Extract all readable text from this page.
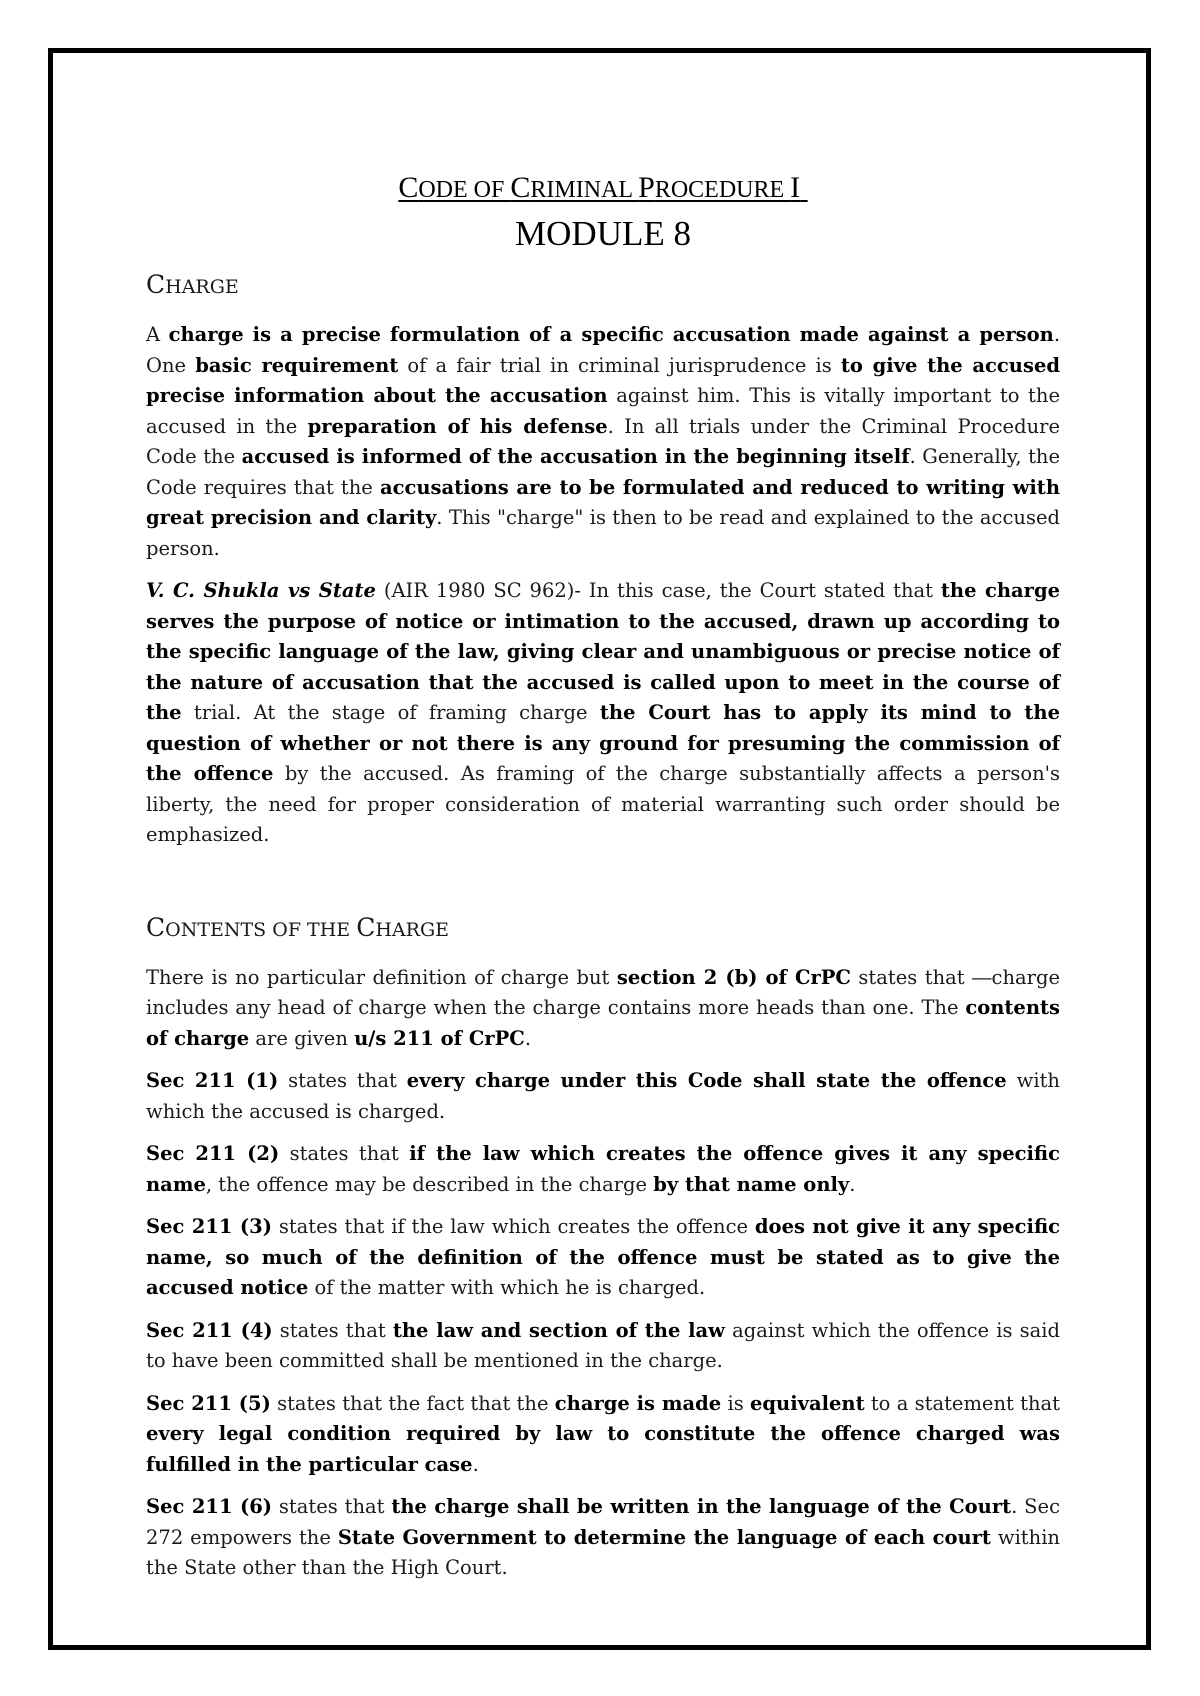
CODE OF CRIMINAL PROCEDURE I
MODULE 8
CHARGE

A charge is a precise formulation of a specific accusation made against a person. One basic requirement of a fair trial in criminal jurisprudence is to give the accused precise information about the accusation against him. This is vitally important to the accused in the preparation of his defense. In all trials under the Criminal Procedure Code the accused is informed of the accusation in the beginning itself. Generally, the Code requires that the accusations are to be formulated and reduced to writing with great precision and clarity. This "charge" is then to be read and explained to the accused person.

V. C. Shukla vs State (AIR 1980 SC 962)- In this case, the Court stated that the charge serves the purpose of notice or intimation to the accused, drawn up according to the specific language of the law, giving clear and unambiguous or precise notice of the nature of accusation that the accused is called upon to meet in the course of the trial. At the stage of framing charge the Court has to apply its mind to the question of whether or not there is any ground for presuming the commission of the offence by the accused. As framing of the charge substantially affects a person's liberty, the need for proper consideration of material warranting such order should be emphasized.

CONTENTS OF THE CHARGE

There is no particular definition of charge but section 2 (b) of CrPC states that ―charge includes any head of charge when the charge contains more heads than one. The contents of charge are given u/s 211 of CrPC.

Sec 211 (1) states that every charge under this Code shall state the offence with which the accused is charged.

Sec 211 (2) states that if the law which creates the offence gives it any specific name, the offence may be described in the charge by that name only.

Sec 211 (3) states that if the law which creates the offence does not give it any specific name, so much of the definition of the offence must be stated as to give the accused notice of the matter with which he is charged.

Sec 211 (4) states that the law and section of the law against which the offence is said to have been committed shall be mentioned in the charge.

Sec 211 (5) states that the fact that the charge is made is equivalent to a statement that every legal condition required by law to constitute the offence charged was fulfilled in the particular case.

Sec 211 (6) states that the charge shall be written in the language of the Court. Sec 272 empowers the State Government to determine the language of each court within the State other than the High Court.
